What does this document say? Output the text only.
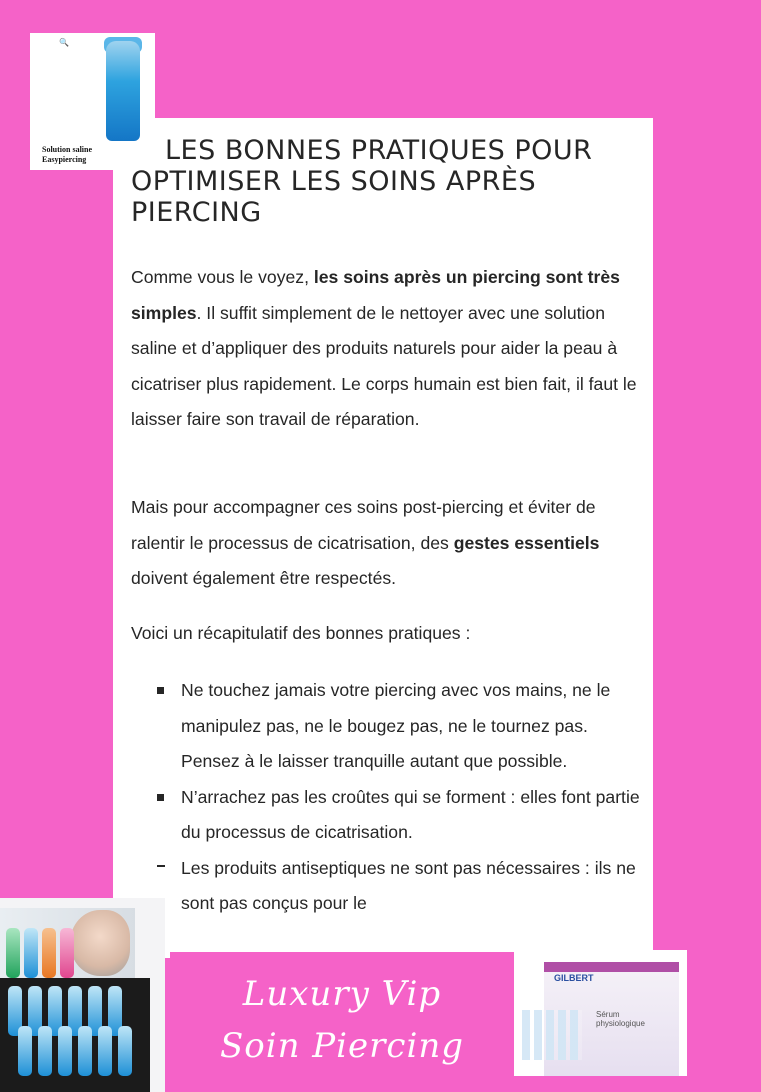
🔍
Solution saline
Easypiercing	LES BONNES PRATIQUES POUR OPTIMISER LES SOINS APRÈS PIERCING

Comme vous le voyez, les soins après un piercing sont très simples. Il suffit simplement de le nettoyer avec une solution saline et d’appliquer des produits naturels pour aider la peau à cicatriser plus rapidement. Le corps humain est bien fait, il faut le laisser faire son travail de réparation.

Mais pour accompagner ces soins post-piercing et éviter de ralentir le processus de cicatrisation, des gestes essentiels doivent également être respectés.

Voici un récapitulatif des bonnes pratiques :

Ne touchez jamais votre piercing avec vos mains, ne le manipulez pas, ne le bougez pas, ne le tournez pas. Pensez à le laisser tranquille autant que possible.
N’arrachez pas les croûtes qui se forment : elles font partie du processus de cicatrisation.
Les produits antiseptiques ne sont pas nécessaires : ils ne sont pas conçus pour le
Luxury Vip
Soin Piercing
GILBERT
Sérum physiologique
